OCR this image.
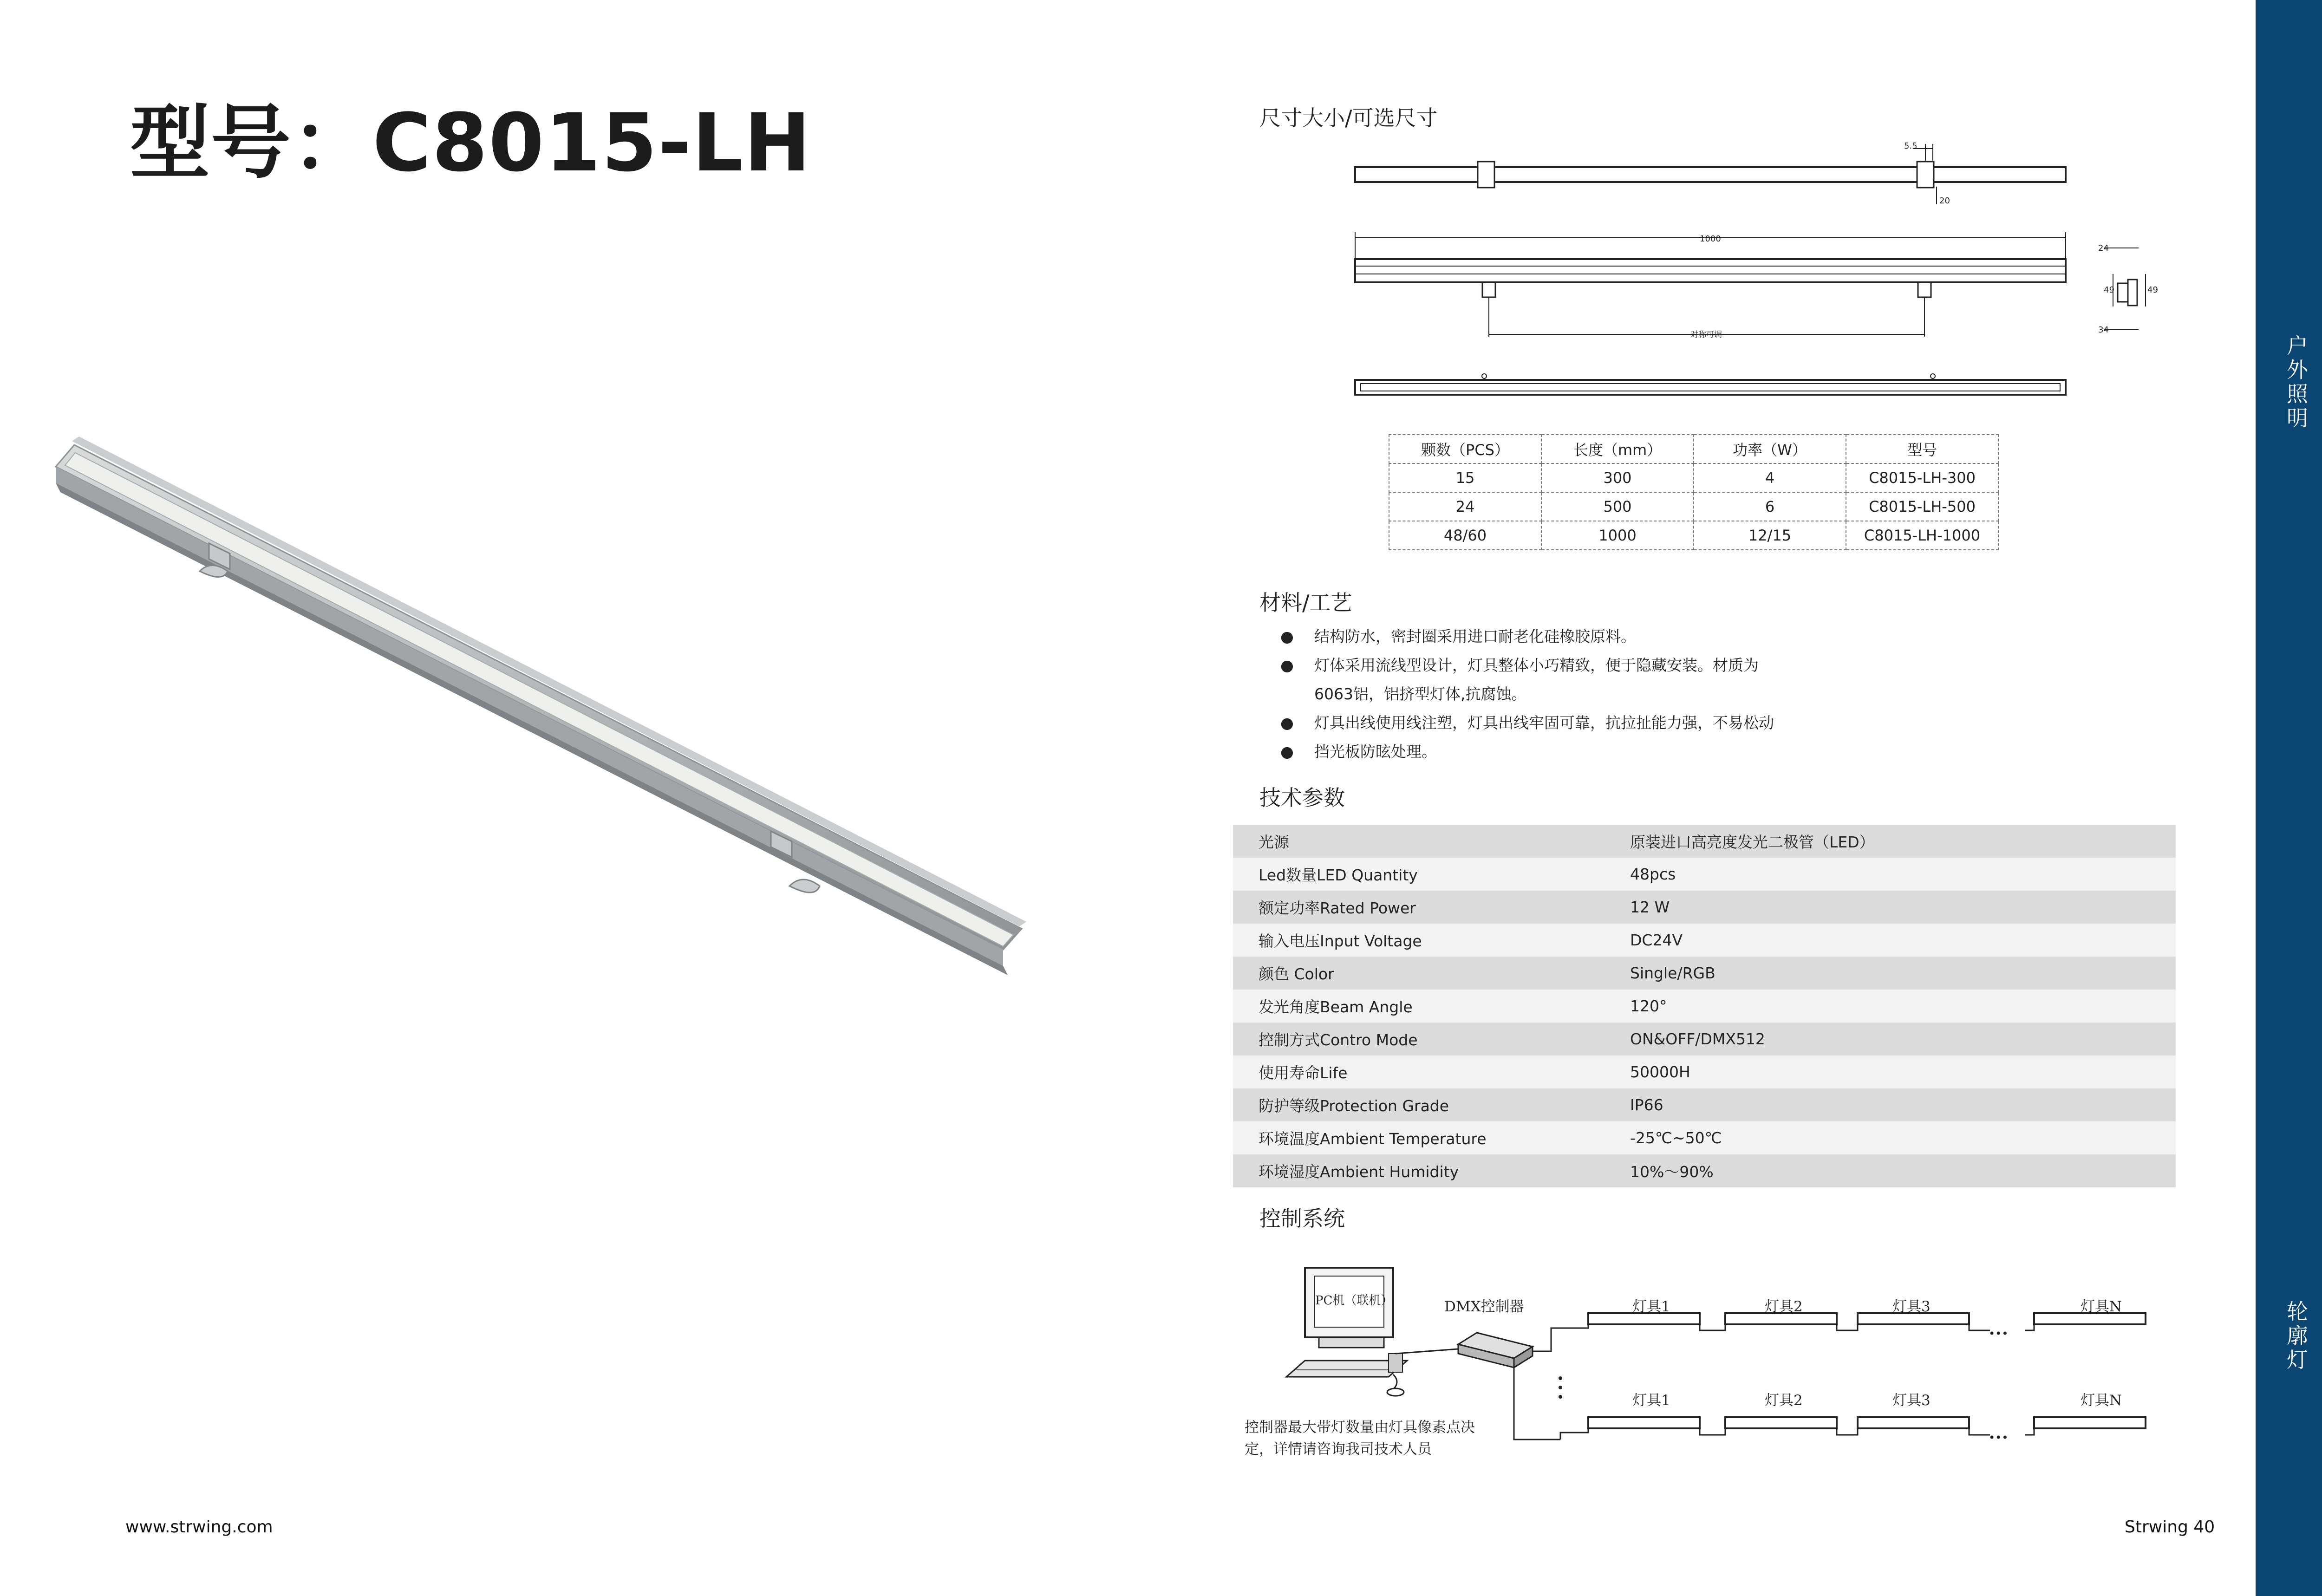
型号：C8015-LH	尺寸大小/可选尺寸
5.5
20
1000
对称可调
24
49	49
34
颗数（PCS）	长度（mm）	功率（W）	型号
15	300	4	C8015-LH-300
24	500	6	C8015-LH-500
48/60	1000	12/15	C8015-LH-1000
材料/工艺
● 结构防水，密封圈采用进口耐老化硅橡胶原料。
● 灯体采用流线型设计，灯具整体小巧精致，便于隐藏安装。材质为
6063铝，铝挤型灯体,抗腐蚀。
● 灯具出线使用线注塑，灯具出线牢固可靠，抗拉扯能力强，不易松动
● 挡光板防眩处理。
技术参数
光源	原装进口高亮度发光二极管（LED）
Led数量LED Quantity	48pcs
额定功率Rated Power	12 W
输入电压Input Voltage	DC24V
颜色 Color	Single/RGB
发光角度Beam Angle	120°
控制方式Contro Mode	ON&OFF/DMX512
使用寿命Life	50000H
防护等级Protection Grade	IP66
环境温度Ambient Temperature	-25℃~50℃
环境湿度Ambient Humidity	10%～90%
控制系统
PC机（联机）	DMX控制器	灯具1	灯具2	灯具3	灯具N
灯具1	灯具2	灯具3	灯具N
•••
•••
控制器最大带灯数量由灯具像素点决
定，详情请咨询我司技术人员
户外照明
轮廓灯
www.strwing.com	Strwing 40
